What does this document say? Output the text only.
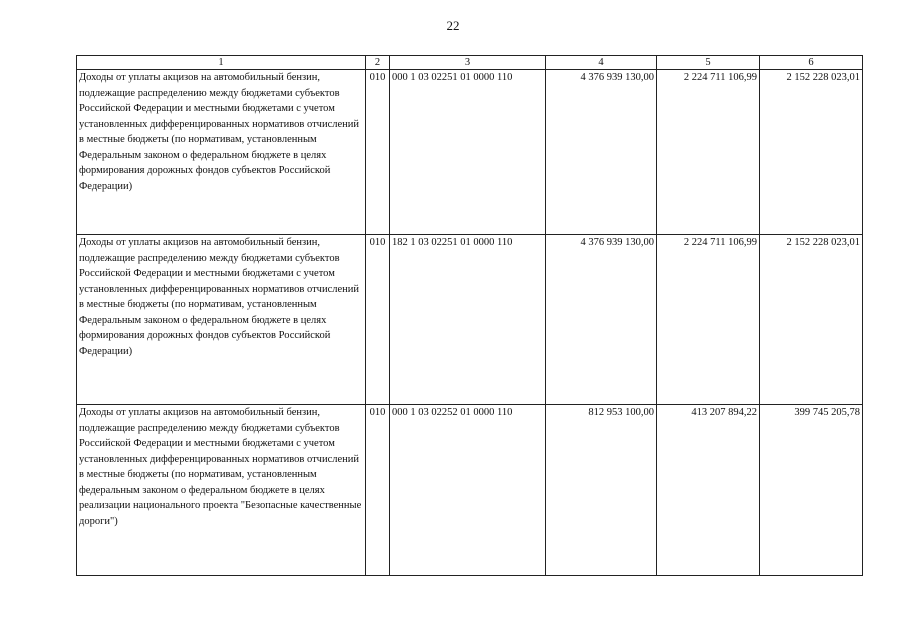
22
1	2	3	4	5	6
Доходы от уплаты акцизов на автомобильный бензин, подлежащие распределению между бюджетами субъектов Российской Федерации и местными бюджетами с учетом установленных дифференцированных нормативов отчислений в местные бюджеты (по нормативам, установленным Федеральным законом о федеральном бюджете в целях формирования дорожных фондов субъектов Российской Федерации)	010	000 1 03 02251 01 0000 110	4 376 939 130,00	2 224 711 106,99	2 152 228 023,01
Доходы от уплаты акцизов на автомобильный бензин, подлежащие распределению между бюджетами субъектов Российской Федерации и местными бюджетами с учетом установленных дифференцированных нормативов отчислений в местные бюджеты (по нормативам, установленным Федеральным законом о федеральном бюджете в целях формирования дорожных фондов субъектов Российской Федерации)	010	182 1 03 02251 01 0000 110	4 376 939 130,00	2 224 711 106,99	2 152 228 023,01
Доходы от уплаты акцизов на автомобильный бензин, подлежащие распределению между бюджетами субъектов Российской Федерации и местными бюджетами с учетом установленных дифференцированных нормативов отчислений в местные бюджеты (по нормативам, установленным федеральным законом о федеральном бюджете в целях реализации национального проекта "Безопасные качественные дороги")	010	000 1 03 02252 01 0000 110	812 953 100,00	413 207 894,22	399 745 205,78
